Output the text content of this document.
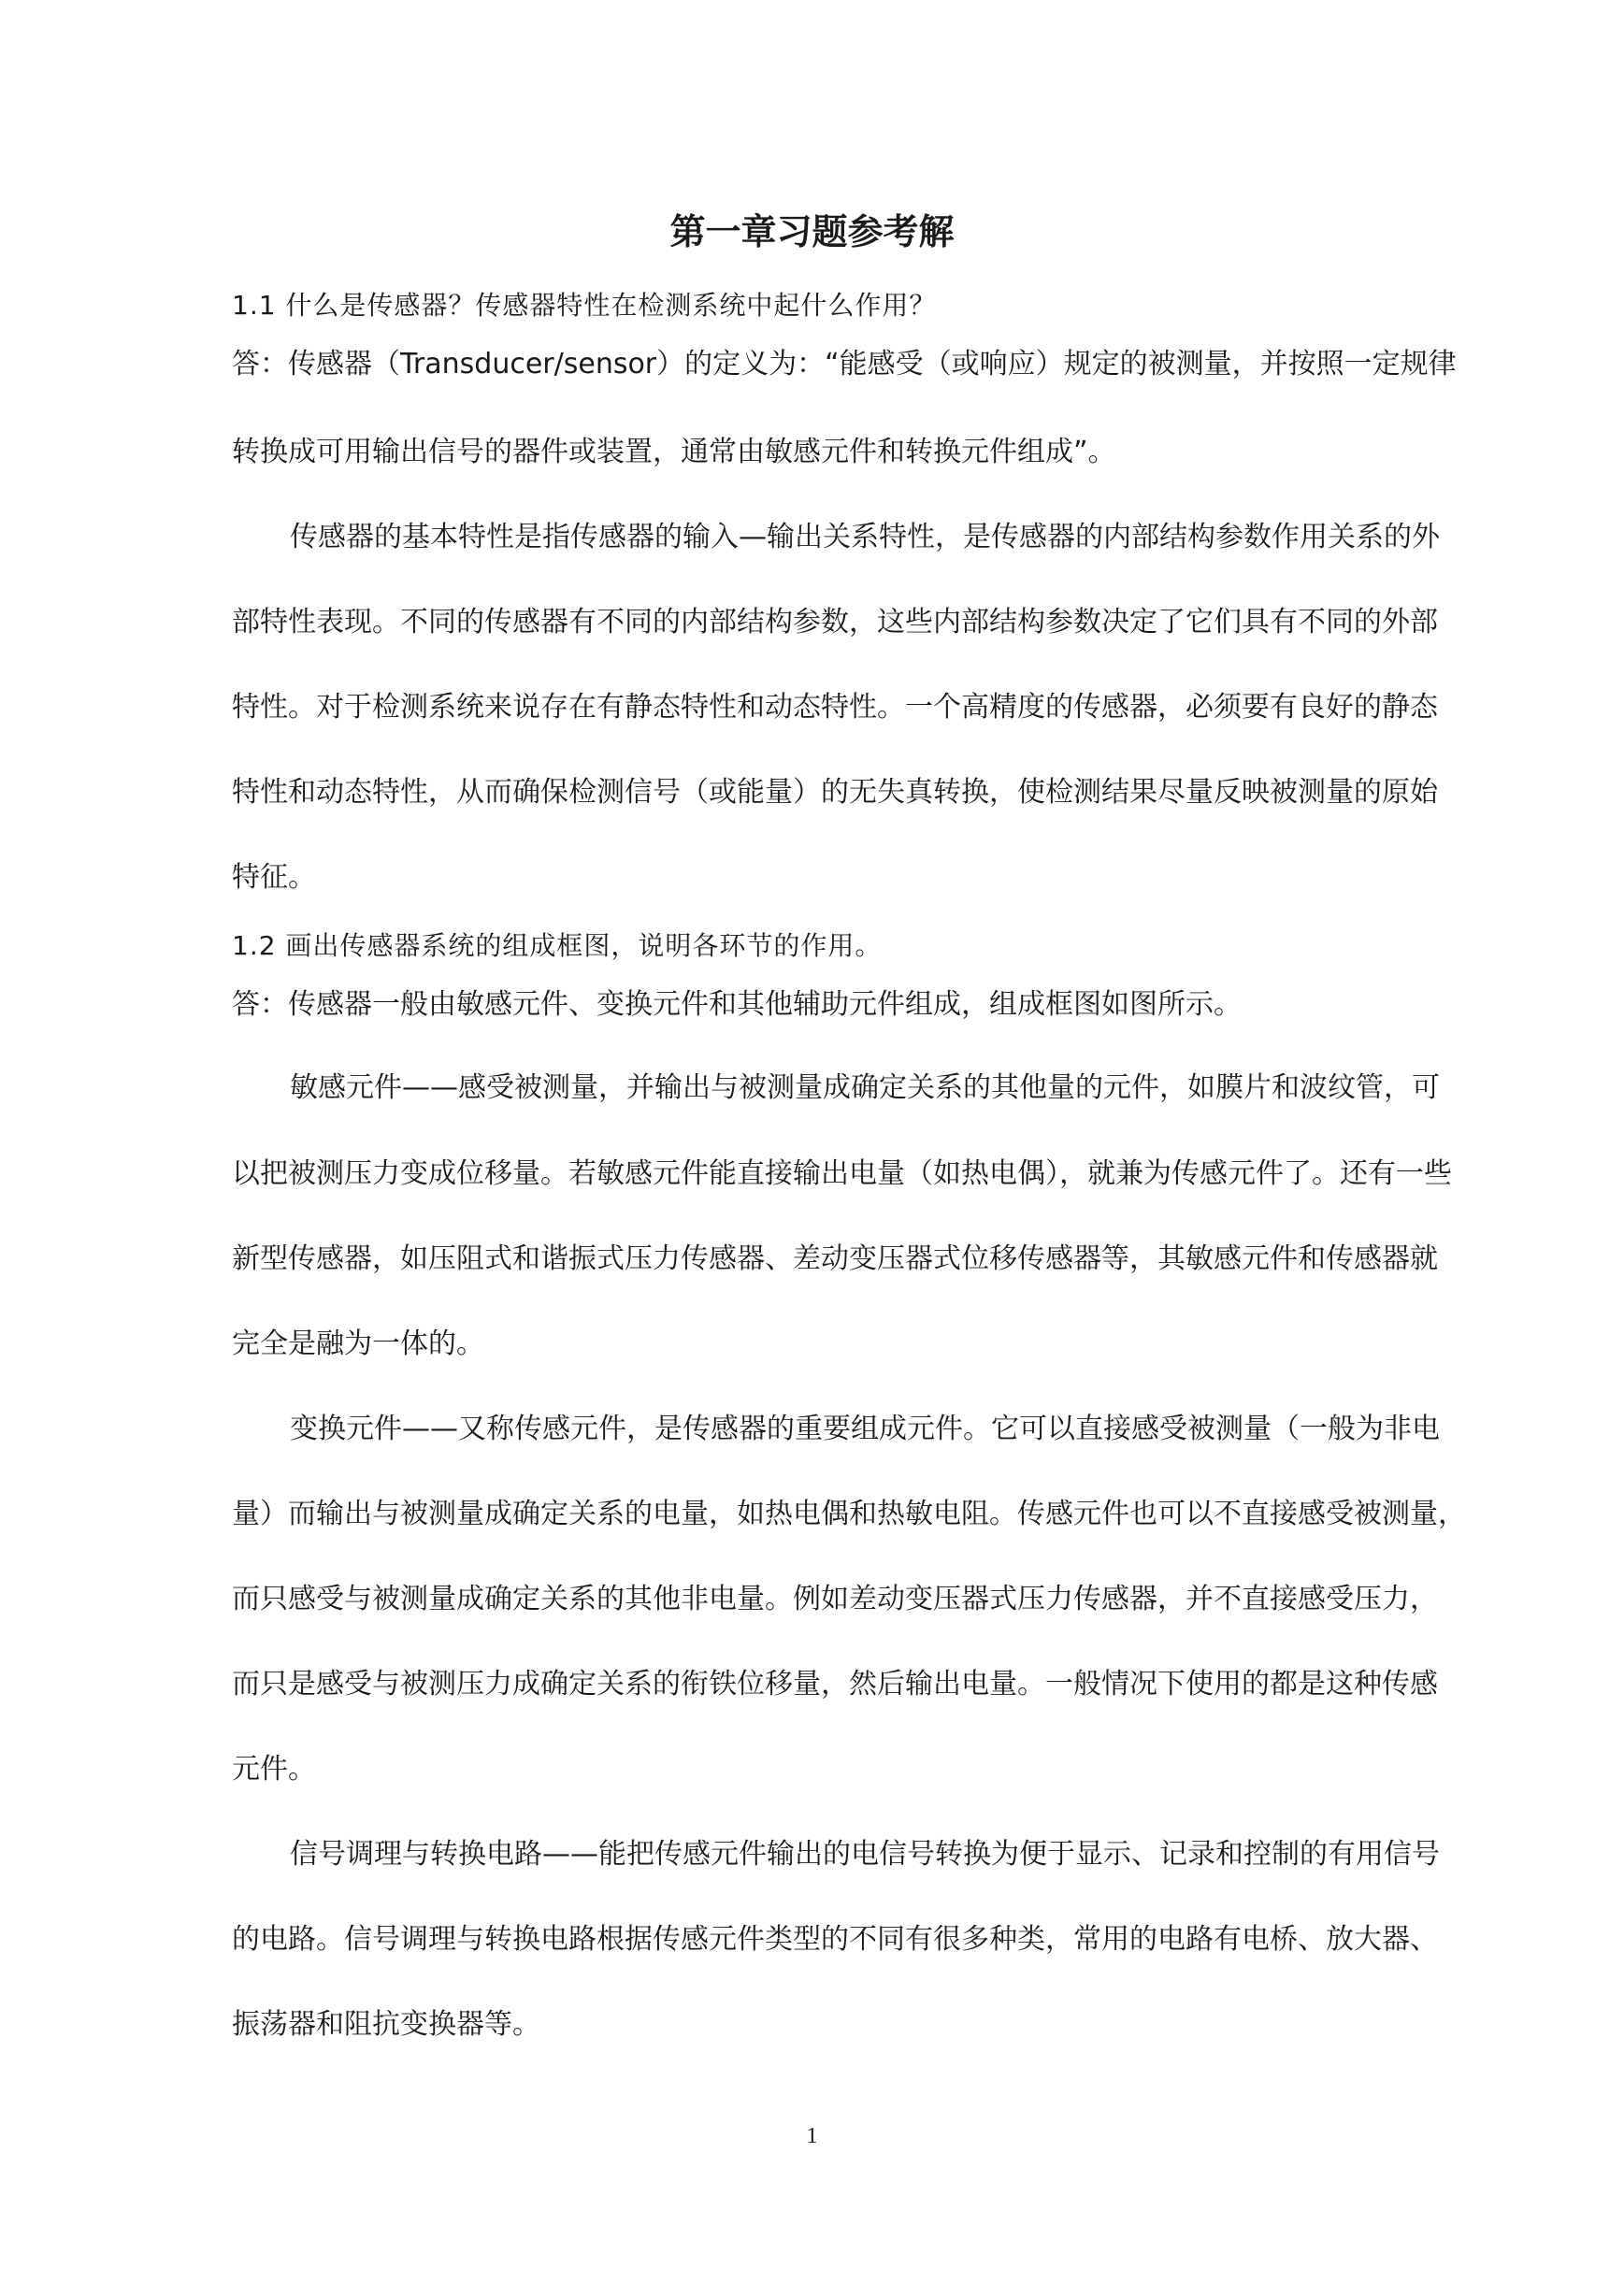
第一章习题参考解
1.1 什么是传感器？传感器特性在检测系统中起什么作用？
答：传感器（Transducer/sensor）的定义为：“能感受（或响应）规定的被测量，并按照一定规律
转换成可用输出信号的器件或装置，通常由敏感元件和转换元件组成”。
传感器的基本特性是指传感器的输入—输出关系特性，是传感器的内部结构参数作用关系的外
部特性表现。不同的传感器有不同的内部结构参数，这些内部结构参数决定了它们具有不同的外部
特性。对于检测系统来说存在有静态特性和动态特性。一个高精度的传感器，必须要有良好的静态
特性和动态特性，从而确保检测信号（或能量）的无失真转换，使检测结果尽量反映被测量的原始
特征。
1.2 画出传感器系统的组成框图，说明各环节的作用。
答：传感器一般由敏感元件、变换元件和其他辅助元件组成，组成框图如图所示。
敏感元件——感受被测量，并输出与被测量成确定关系的其他量的元件，如膜片和波纹管，可
以把被测压力变成位移量。若敏感元件能直接输出电量（如热电偶），就兼为传感元件了。还有一些
新型传感器，如压阻式和谐振式压力传感器、差动变压器式位移传感器等，其敏感元件和传感器就
完全是融为一体的。
变换元件——又称传感元件，是传感器的重要组成元件。它可以直接感受被测量（一般为非电
量）而输出与被测量成确定关系的电量，如热电偶和热敏电阻。传感元件也可以不直接感受被测量，
而只感受与被测量成确定关系的其他非电量。例如差动变压器式压力传感器，并不直接感受压力，
而只是感受与被测压力成确定关系的衔铁位移量，然后输出电量。一般情况下使用的都是这种传感
元件。
信号调理与转换电路——能把传感元件输出的电信号转换为便于显示、记录和控制的有用信号
的电路。信号调理与转换电路根据传感元件类型的不同有很多种类，常用的电路有电桥、放大器、
振荡器和阻抗变换器等。
1
